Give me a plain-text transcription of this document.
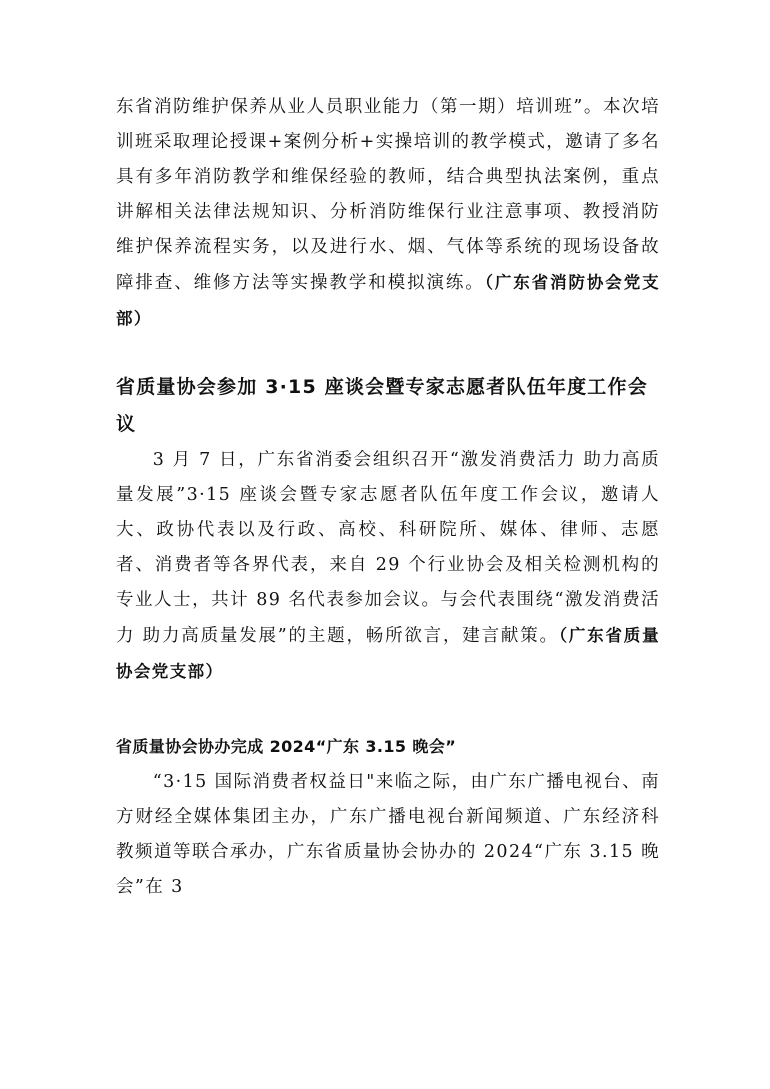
东省消防维护保养从业人员职业能力（第一期）培训班”。本次培训班采取理论授课+案例分析+实操培训的教学模式，邀请了多名具有多年消防教学和维保经验的教师，结合典型执法案例，重点讲解相关法律法规知识、分析消防维保行业注意事项、教授消防维护保养流程实务，以及进行水、烟、气体等系统的现场设备故障排查、维修方法等实操教学和模拟演练。（广东省消防协会党支部）

省质量协会参加 3·15 座谈会暨专家志愿者队伍年度工作会议

3 月 7 日，广东省消委会组织召开“激发消费活力 助力高质量发展”3·15 座谈会暨专家志愿者队伍年度工作会议，邀请人大、政协代表以及行政、高校、科研院所、媒体、律师、志愿者、消费者等各界代表，来自 29 个行业协会及相关检测机构的专业人士，共计 89 名代表参加会议。与会代表围绕“激发消费活力 助力高质量发展”的主题，畅所欲言，建言献策。（广东省质量协会党支部）

省质量协会协办完成 2024“广东 3.15 晚会”

“3·15 国际消费者权益日"来临之际，由广东广播电视台、南方财经全媒体集团主办，广东广播电视台新闻频道、广东经济科教频道等联合承办，广东省质量协会协办的 2024“广东 3.15 晚会”在 3
